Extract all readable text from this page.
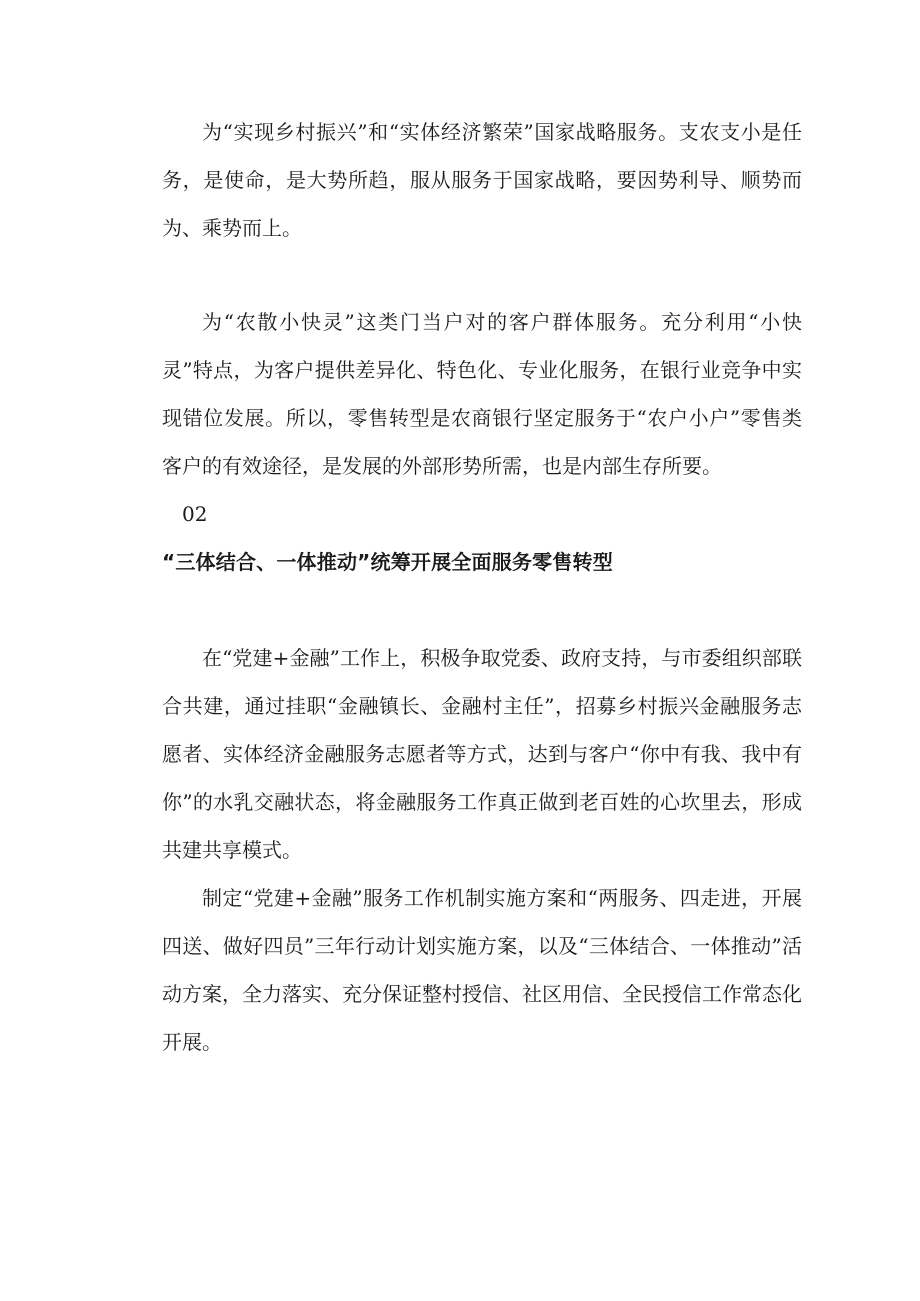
为“实现乡村振兴”和“实体经济繁荣”国家战略服务。支农支小是任务，是使命，是大势所趋，服从服务于国家战略，要因势利导、顺势而为、乘势而上。

为“农散小快灵”这类门当户对的客户群体服务。充分利用“小快灵”特点，为客户提供差异化、特色化、专业化服务，在银行业竞争中实现错位发展。所以，零售转型是农商银行坚定服务于“农户小户”零售类客户的有效途径，是发展的外部形势所需，也是内部生存所要。

02

“三体结合、一体推动”统筹开展全面服务零售转型

在“党建+金融”工作上，积极争取党委、政府支持，与市委组织部联合共建，通过挂职“金融镇长、金融村主任”，招募乡村振兴金融服务志愿者、实体经济金融服务志愿者等方式，达到与客户“你中有我、我中有你”的水乳交融状态，将金融服务工作真正做到老百姓的心坎里去，形成共建共享模式。

制定“党建+金融”服务工作机制实施方案和“两服务、四走进，开展四送、做好四员”三年行动计划实施方案，以及“三体结合、一体推动”活动方案，全力落实、充分保证整村授信、社区用信、全民授信工作常态化开展。
